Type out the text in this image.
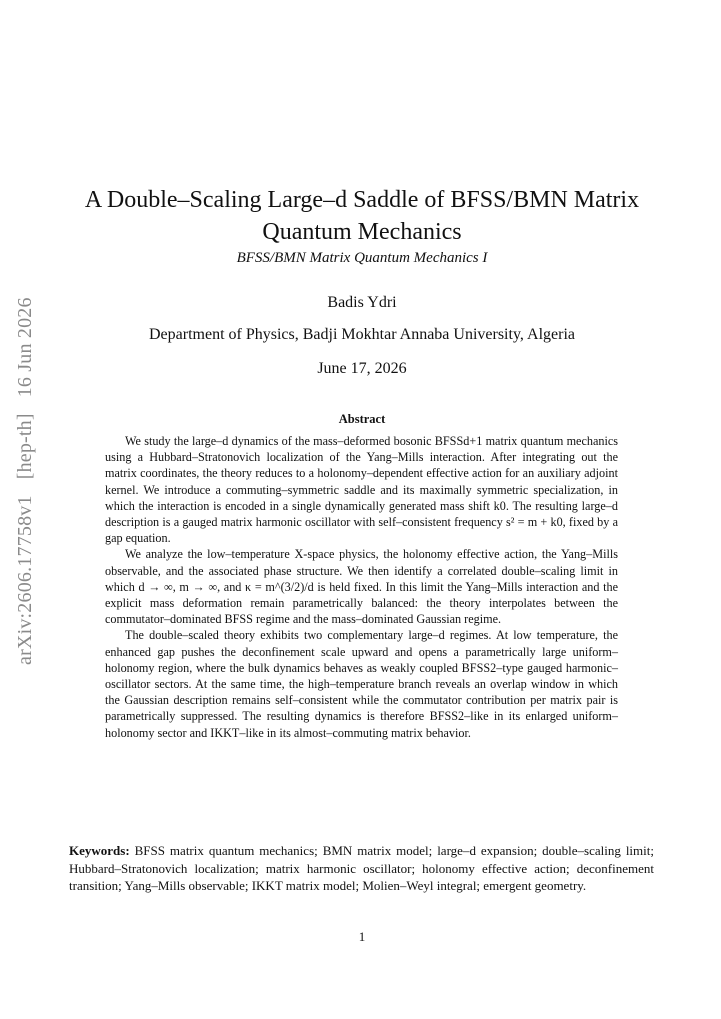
arXiv:2606.17758v1[hep-th]16 Jun 2026
A Double–Scaling Large–d Saddle of BFSS/BMN Matrix Quantum Mechanics
BFSS/BMN Matrix Quantum Mechanics I
Badis Ydri
Department of Physics, Badji Mokhtar Annaba University, Algeria
June 17, 2026
Abstract

We study the large–d dynamics of the mass–deformed bosonic BFSSd+1 matrix quantum mechanics using a Hubbard–Stratonovich localization of the Yang–Mills interaction. After integrating out the matrix coordinates, the theory reduces to a holonomy–dependent effective action for an auxiliary adjoint kernel. We introduce a commuting–symmetric saddle and its maximally symmetric specialization, in which the interaction is encoded in a single dynamically generated mass shift k0. The resulting large–d description is a gauged matrix harmonic oscillator with self–consistent frequency s² = m + k0, fixed by a gap equation.

We analyze the low–temperature X-space physics, the holonomy effective action, the Yang–Mills observable, and the associated phase structure. We then identify a correlated double–scaling limit in which d → ∞, m → ∞, and κ = m^(3/2)/d is held fixed. In this limit the Yang–Mills interaction and the explicit mass deformation remain parametrically balanced: the theory interpolates between the commutator–dominated BFSS regime and the mass–dominated Gaussian regime.

The double–scaled theory exhibits two complementary large–d regimes. At low temperature, the enhanced gap pushes the deconfinement scale upward and opens a parametrically large uniform–holonomy region, where the bulk dynamics behaves as weakly coupled BFSS2–type gauged harmonic–oscillator sectors. At the same time, the high–temperature branch reveals an overlap window in which the Gaussian description remains self–consistent while the commutator contribution per matrix pair is parametrically suppressed. The resulting dynamics is therefore BFSS2–like in its enlarged uniform–holonomy sector and IKKT–like in its almost–commuting matrix behavior.

Keywords: BFSS matrix quantum mechanics; BMN matrix model; large–d expansion; double–scaling limit; Hubbard–Stratonovich localization; matrix harmonic oscillator; holonomy effective action; deconfinement transition; Yang–Mills observable; IKKT matrix model; Molien–Weyl integral; emergent geometry.
1
